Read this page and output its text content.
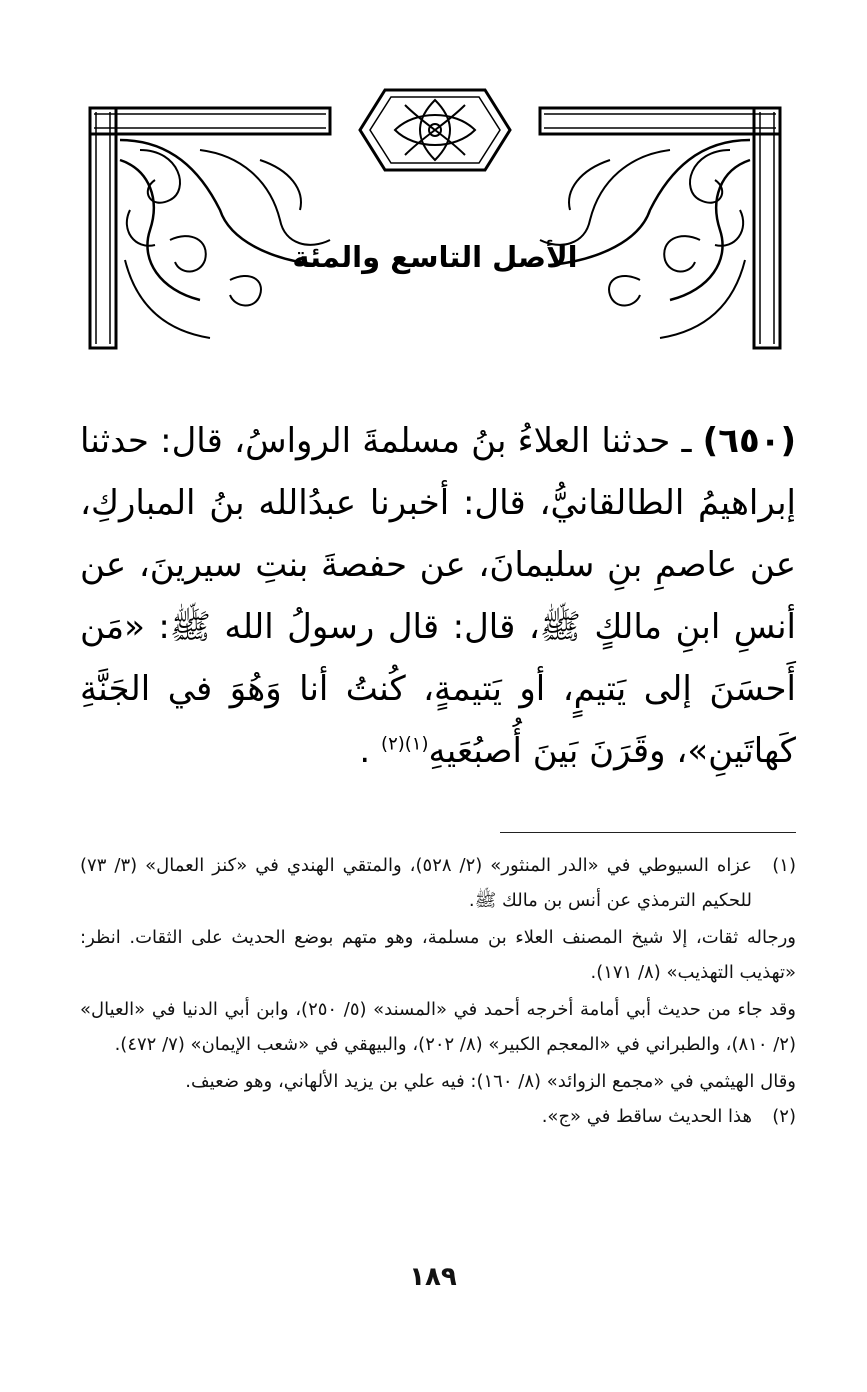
الأصل التاسع والمئة
(٦٥٠) ـ حدثنا العلاءُ بنُ مسلمةَ الرواسُ، قال: حدثنا إبراهيمُ الطالقانيُّ، قال: أخبرنا عبدُالله بنُ المباركِ، عن عاصمِ بنِ سليمانَ، عن حفصةَ بنتِ سيرينَ، عن أنسِ ابنِ مالكٍ ﷺ، قال: قال رسولُ الله ﷺ: «مَن أَحسَنَ إلى يَتيمٍ، أو يَتيمةٍ، كُنتُ أنا وَهُوَ في الجَنَّةِ كَهاتَينِ»، وقَرَنَ بَينَ أُصبُعَيهِ$^{(١)(٢)}$ .
(١)
عزاه السيوطي في «الدر المنثور» (٢/ ٥٢٨)، والمتقي الهندي في «كنز العمال» (٣/ ٧٣) للحكيم الترمذي عن أنس بن مالك ﷺ.
ورجاله ثقات، إلا شيخ المصنف العلاء بن مسلمة، وهو متهم بوضع الحديث على الثقات. انظر: «تهذيب التهذيب» (٨/ ١٧١).
وقد جاء من حديث أبي أمامة أخرجه أحمد في «المسند» (٥/ ٢٥٠)، وابن أبي الدنيا في «العيال» (٢/ ٨١٠)، والطبراني في «المعجم الكبير» (٨/ ٢٠٢)، والبيهقي في «شعب الإيمان» (٧/ ٤٧٢).
وقال الهيثمي في «مجمع الزوائد» (٨/ ١٦٠): فيه علي بن يزيد الألهاني، وهو ضعيف.
(٢)
هذا الحديث ساقط في «ج».
١٨٩
